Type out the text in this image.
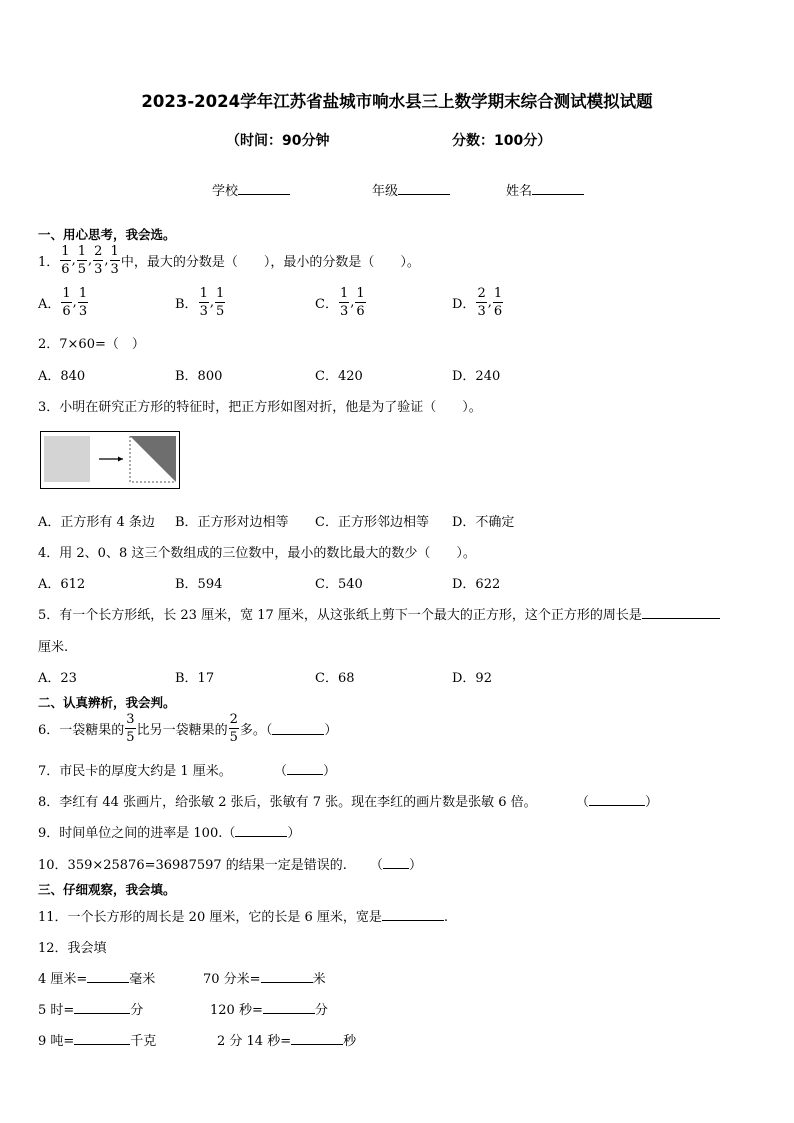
2023-2024学年江苏省盐城市响水县三上数学期末综合测试模拟试题
（时间：90分钟	分数：100分）
学校	年级	姓名
一、用心思考，我会选。
1． $\frac{1}{6}$ , $\frac{1}{5}$ , $\frac{2}{3}$ , $\frac{1}{3}$ 中，最大的分数是（　　），最小的分数是（　　）。
A． $\frac{1}{6}$ , $\frac{1}{3}$	B． $\frac{1}{3}$ , $\frac{1}{5}$	C． $\frac{1}{3}$ , $\frac{1}{6}$	D． $\frac{2}{3}$ , $\frac{1}{6}$
2．7×60=（　）
A．840	B．800	C．420	D．240
3．小明在研究正方形的特征时，把正方形如图对折，他是为了验证（　　）。
A．正方形有 4 条边 B．正方形对边相等 C．正方形邻边相等 D．不确定
4．用 2、0、8 这三个数组成的三位数中，最小的数比最大的数少（　　）。
A．612	B．594	C．540	D．622
5．有一个长方形纸，长 23 厘米，宽 17 厘米，从这张纸上剪下一个最大的正方形，这个正方形的周长是
厘米.
A．23	B．17	C．68	D．92
二、认真辨析，我会判。
6．一袋糖果的 $\frac{3}{5}$ 比另一袋糖果的 $\frac{2}{5}$ 多。（	）
7．市民卡的厚度大约是 1 厘米。	（	）
8．李红有 44 张画片，给张敏 2 张后，张敏有 7 张。现在李红的画片数是张敏 6 倍。	（	）
9．时间单位之间的进率是 100.（	）
10．359×25876=36987597 的结果一定是错误的. （ ）
三、仔细观察，我会填。
11．一个长方形的周长是 20 厘米，它的长是 6 厘米，宽是	.
12．我会填
4 厘米=	毫米	70 分米=	米
5 时=	分	120 秒=	分
9 吨=	千克	2 分 14 秒=	秒
